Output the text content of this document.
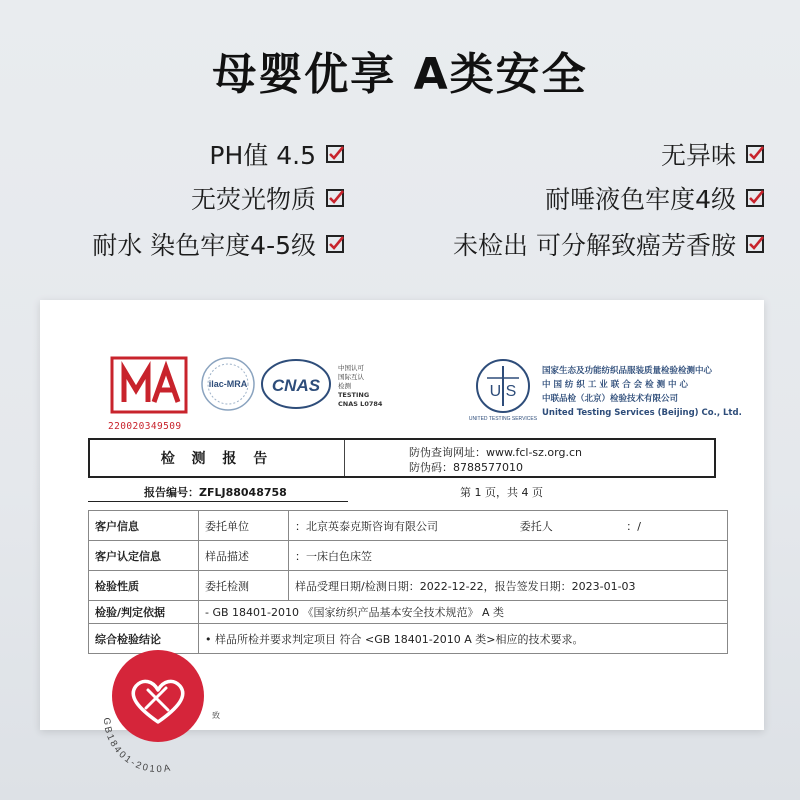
母婴优享 A类安全
PH值 4.5
无荧光物质
耐水 染色牢度4-5级
无异味
耐唾液色牢度4级
未检出 可分解致癌芳香胺
220020349509
ilac-MRA CNAS
中国认可
国际互认
检测
TESTING
CNAS L0784
U S
UNITED TESTING SERVICES
国家生态及功能纺织品服装质量检验检测中心
中 国 纺 织 工 业 联 合 会 检 测 中 心
中联品检（北京）检验技术有限公司
United Testing Services (Beijing) Co., Ltd.
检 测 报 告	防伪查询网址：www.fcl-sz.org.cn
防伪码：8788577010
报告编号：ZFLJ88048758	第 1 页，共 4 页
客户信息	委托单位	：北京英泰克斯咨询有限公司 委托人 ：/

客户认定信息	样品描述	：一床白色床笠
检验性质	委托检测	样品受理日期/检测日期：2022-12-22，报告签发日期：2023-01-03
检验/判定依据	- GB 18401-2010 《国家纺织产品基本安全技术规范》 A 类	
综合检验结论	• 样品所检并要求判定项目 符合 <GB 18401-2010 A 类>相应的技术要求。	
GB18401-2010A
致
